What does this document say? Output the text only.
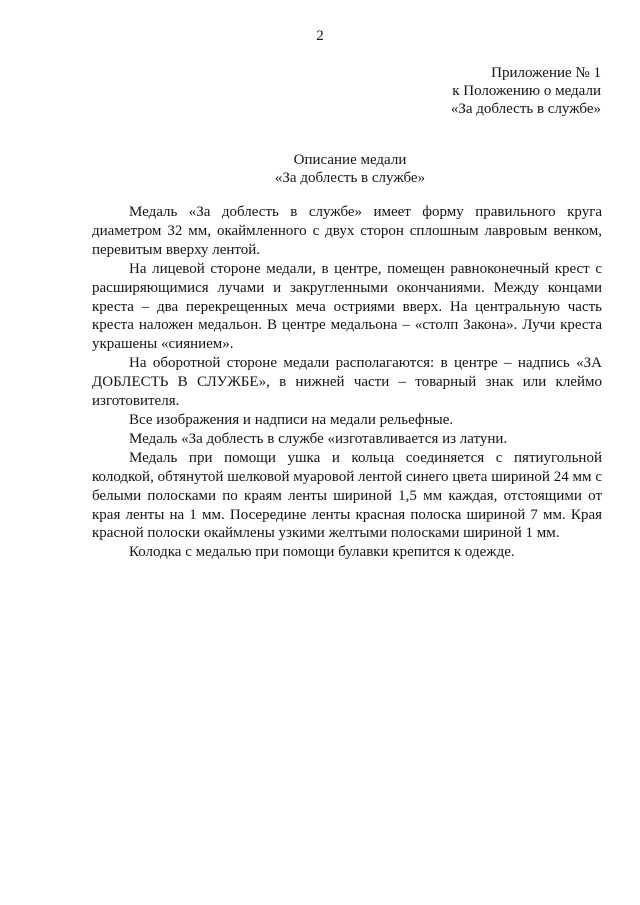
2
Приложение № 1
к Положению о медали
«За доблесть в службе»
Описание медали
«За доблесть в службе»

Медаль «За доблесть в службе» имеет форму правильного круга диаметром 32 мм, окаймленного с двух сторон сплошным лавровым венком, перевитым вверху лентой.

На лицевой стороне медали, в центре, помещен равноконечный крест с расширяющимися лучами и закругленными окончаниями. Между концами креста – два перекрещенных меча остриями вверх. На центральную часть креста наложен медальон. В центре медальона – «столп Закона». Лучи креста украшены «сиянием».

На оборотной стороне медали располагаются: в центре – надпись «ЗА ДОБЛЕСТЬ В СЛУЖБЕ», в нижней части – товарный знак или клеймо изготовителя.

Все изображения и надписи на медали рельефные.

Медаль «За доблесть в службе «изготавливается из латуни.

Медаль при помощи ушка и кольца соединяется с пятиугольной колодкой, обтянутой шелковой муаровой лентой синего цвета шириной 24 мм с белыми полосками по краям ленты шириной 1,5 мм каждая, отстоящими от края ленты на 1 мм. Посередине ленты красная полоска шириной 7 мм. Края красной полоски окаймлены узкими желтыми полосками шириной 1 мм.

Колодка с медалью при помощи булавки крепится к одежде.
